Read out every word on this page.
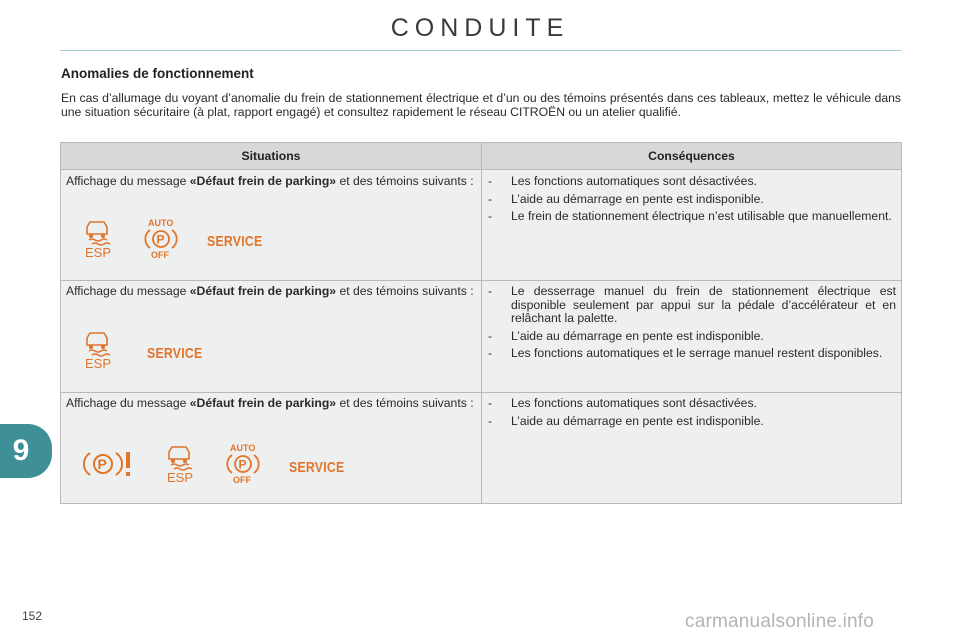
CONDUITE
Anomalies de fonctionnement

En cas d’allumage du voyant d’anomalie du frein de stationnement électrique et d’un ou des témoins présentés dans ces tableaux, mettez le véhicule dans une situation sécuritaire (à plat, rapport engagé) et consultez rapidement le réseau CITROËN ou un atelier qualifié.

Situations	Conséquences
Affichage du message «Défaut frein de parking» et des témoins suivants :
ESP
AUTO
P
OFF
SERVICE
- Les fonctions automatiques sont désactivées.
- L’aide au démarrage en pente est indisponible.
- Le frein de stationnement électrique n’est utilisable que manuellement.
Affichage du message «Défaut frein de parking» et des témoins suivants :
ESP
SERVICE
- Le desserrage manuel du frein de stationnement électrique est disponible seulement par appui sur la pédale d’accélérateur et en relâchant la palette.
- L’aide au démarrage en pente est indisponible.
- Les fonctions automatiques et le serrage manuel restent disponibles.
Affichage du message «Défaut frein de parking» et des témoins suivants :
P
ESP
AUTO
P
OFF
SERVICE
- Les fonctions automatiques sont désactivées.
- L’aide au démarrage en pente est indisponible.
9
152	carmanualsonline.info
